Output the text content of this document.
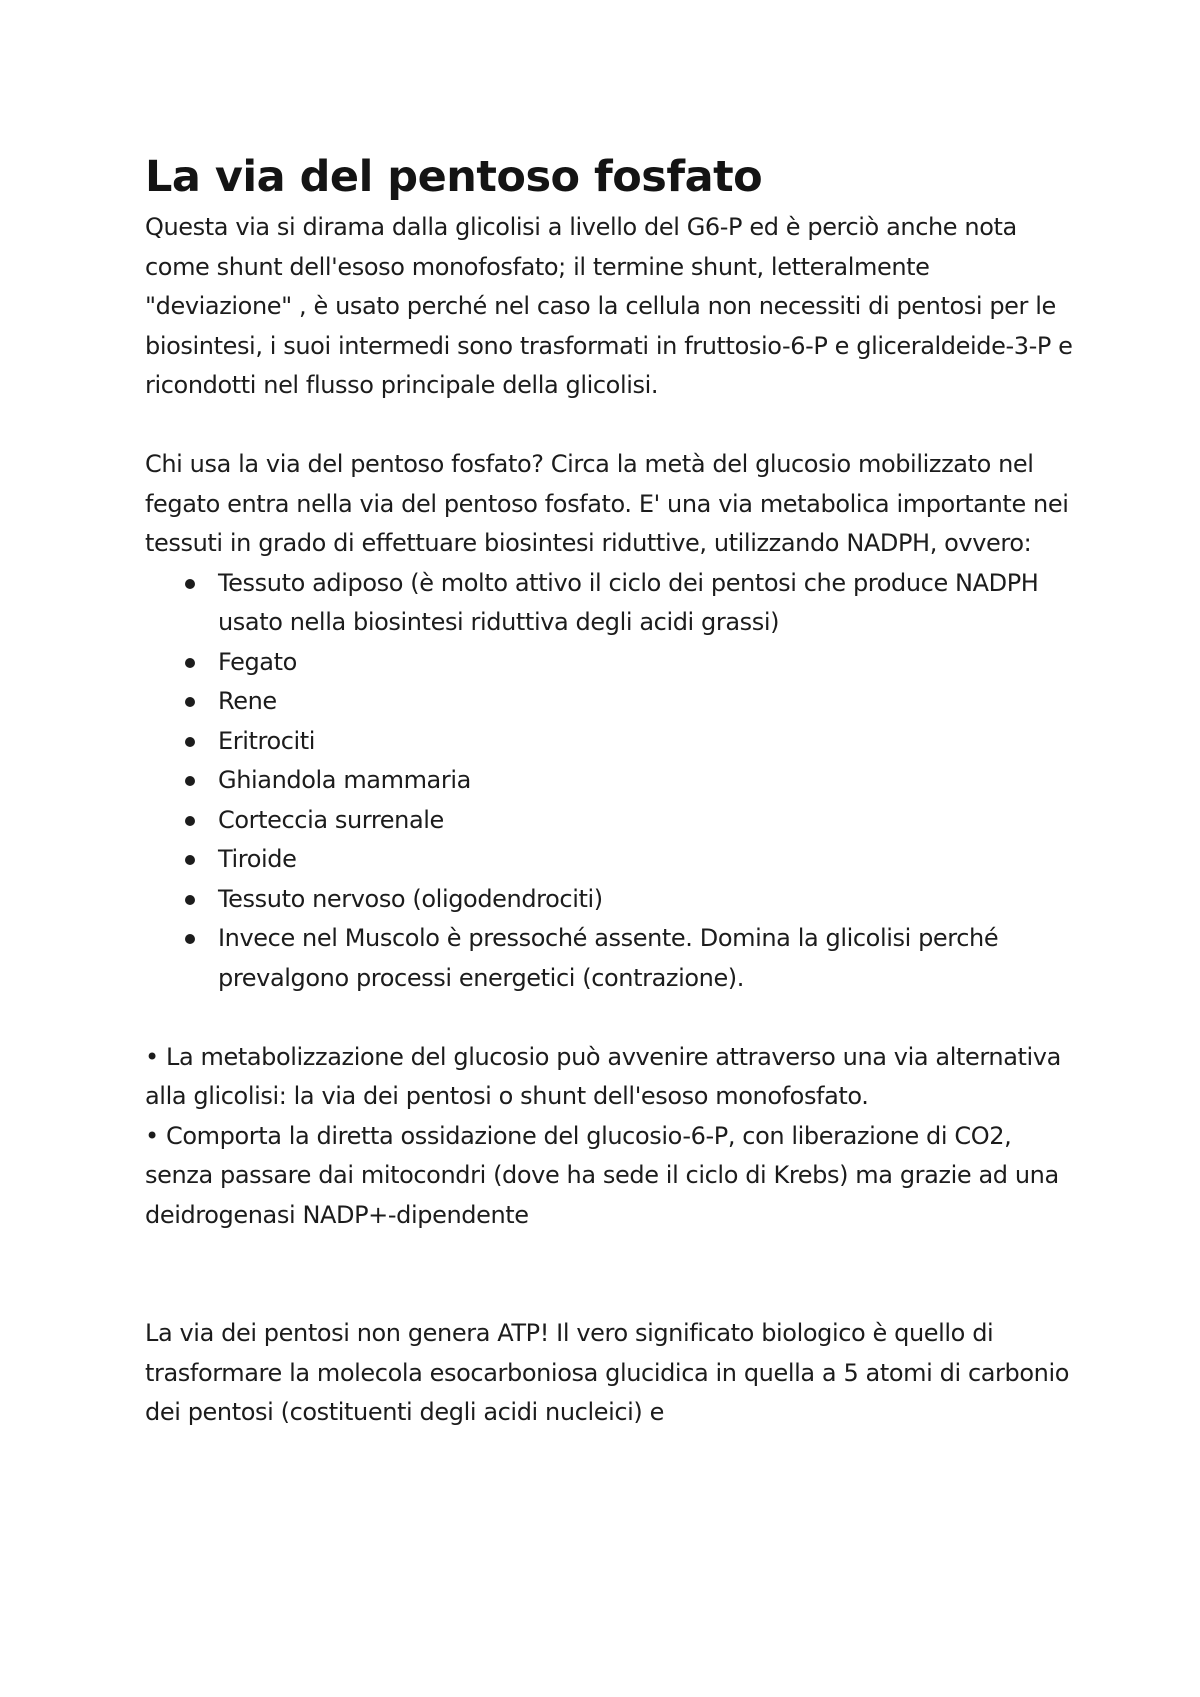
La via del pentoso fosfato

Questa via si dirama dalla glicolisi a livello del G6-P ed è perciò anche nota come shunt dell'esoso monofosfato; il termine shunt, letteralmente "deviazione" , è usato perché nel caso la cellula non necessiti di pentosi per le biosintesi, i suoi intermedi sono trasformati in fruttosio-6-P e gliceraldeide-3-P e ricondotti nel flusso principale della glicolisi.

Chi usa la via del pentoso fosfato? Circa la metà del glucosio mobilizzato nel fegato entra nella via del pentoso fosfato. E' una via metabolica importante nei tessuti in grado di effettuare biosintesi riduttive, utilizzando NADPH, ovvero:

Tessuto adiposo (è molto attivo il ciclo dei pentosi che produce NADPH usato nella biosintesi riduttiva degli acidi grassi)
Fegato
Rene
Eritrociti
Ghiandola mammaria
Corteccia surrenale
Tiroide
Tessuto nervoso (oligodendrociti)
Invece nel Muscolo è pressoché assente. Domina la glicolisi perché prevalgono processi energetici (contrazione).

• La metabolizzazione del glucosio può avvenire attraverso una via alternativa alla glicolisi: la via dei pentosi o shunt dell'esoso monofosfato.

• Comporta la diretta ossidazione del glucosio-6-P, con liberazione di CO2, senza passare dai mitocondri (dove ha sede il ciclo di Krebs) ma grazie ad una deidrogenasi NADP+-dipendente

La via dei pentosi non genera ATP! Il vero significato biologico è quello di trasformare la molecola esocarboniosa glucidica in quella a 5 atomi di carbonio dei pentosi (costituenti degli acidi nucleici) e
